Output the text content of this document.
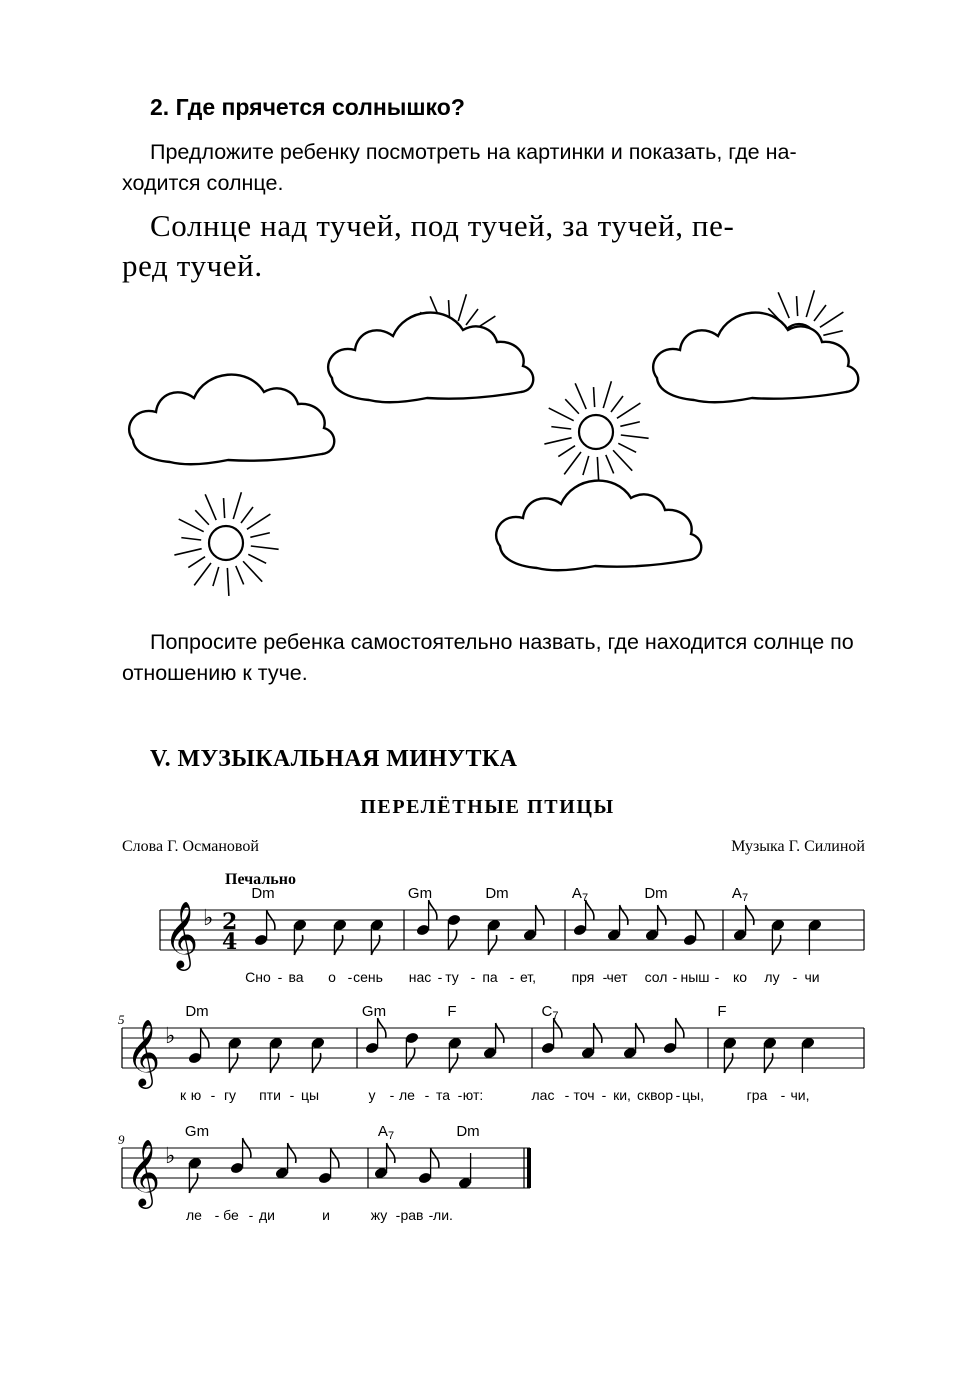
2. Где прячется солнышко?
Предложите ребенку посмотреть на картинки и показать, где находится солнце.
Солнце над тучей, под тучей, за тучей, пе-
ред тучей.
Попросите ребенка самостоятельно назвать, где находится солнце по отношению к туче.
V. МУЗЫКАЛЬНАЯ МИНУТКА
ПЕРЕЛЁТНЫЕ ПТИЦЫ
Слова Г. Османовой	Музыка Г. Силиной
Печально
𝄞 ♭ 2
4
Dm	Gm	Dm	$A_7$	Dm	$A_7$
Сно - ва о - сень нас - ту - па - ет,	пря - чет сол - ныш - ко лу - чи
𝄞 ♭
5	Dm	Gm	F	$C_7$	F
к ю - гу пти - цы	у - ле - та - ют:	лас - точ - ки, сквор - цы,	гра - чи,
𝄞 ♭
9	Gm	$A_7$	Dm
ле - бе - ди	и	жу - рав - ли.
